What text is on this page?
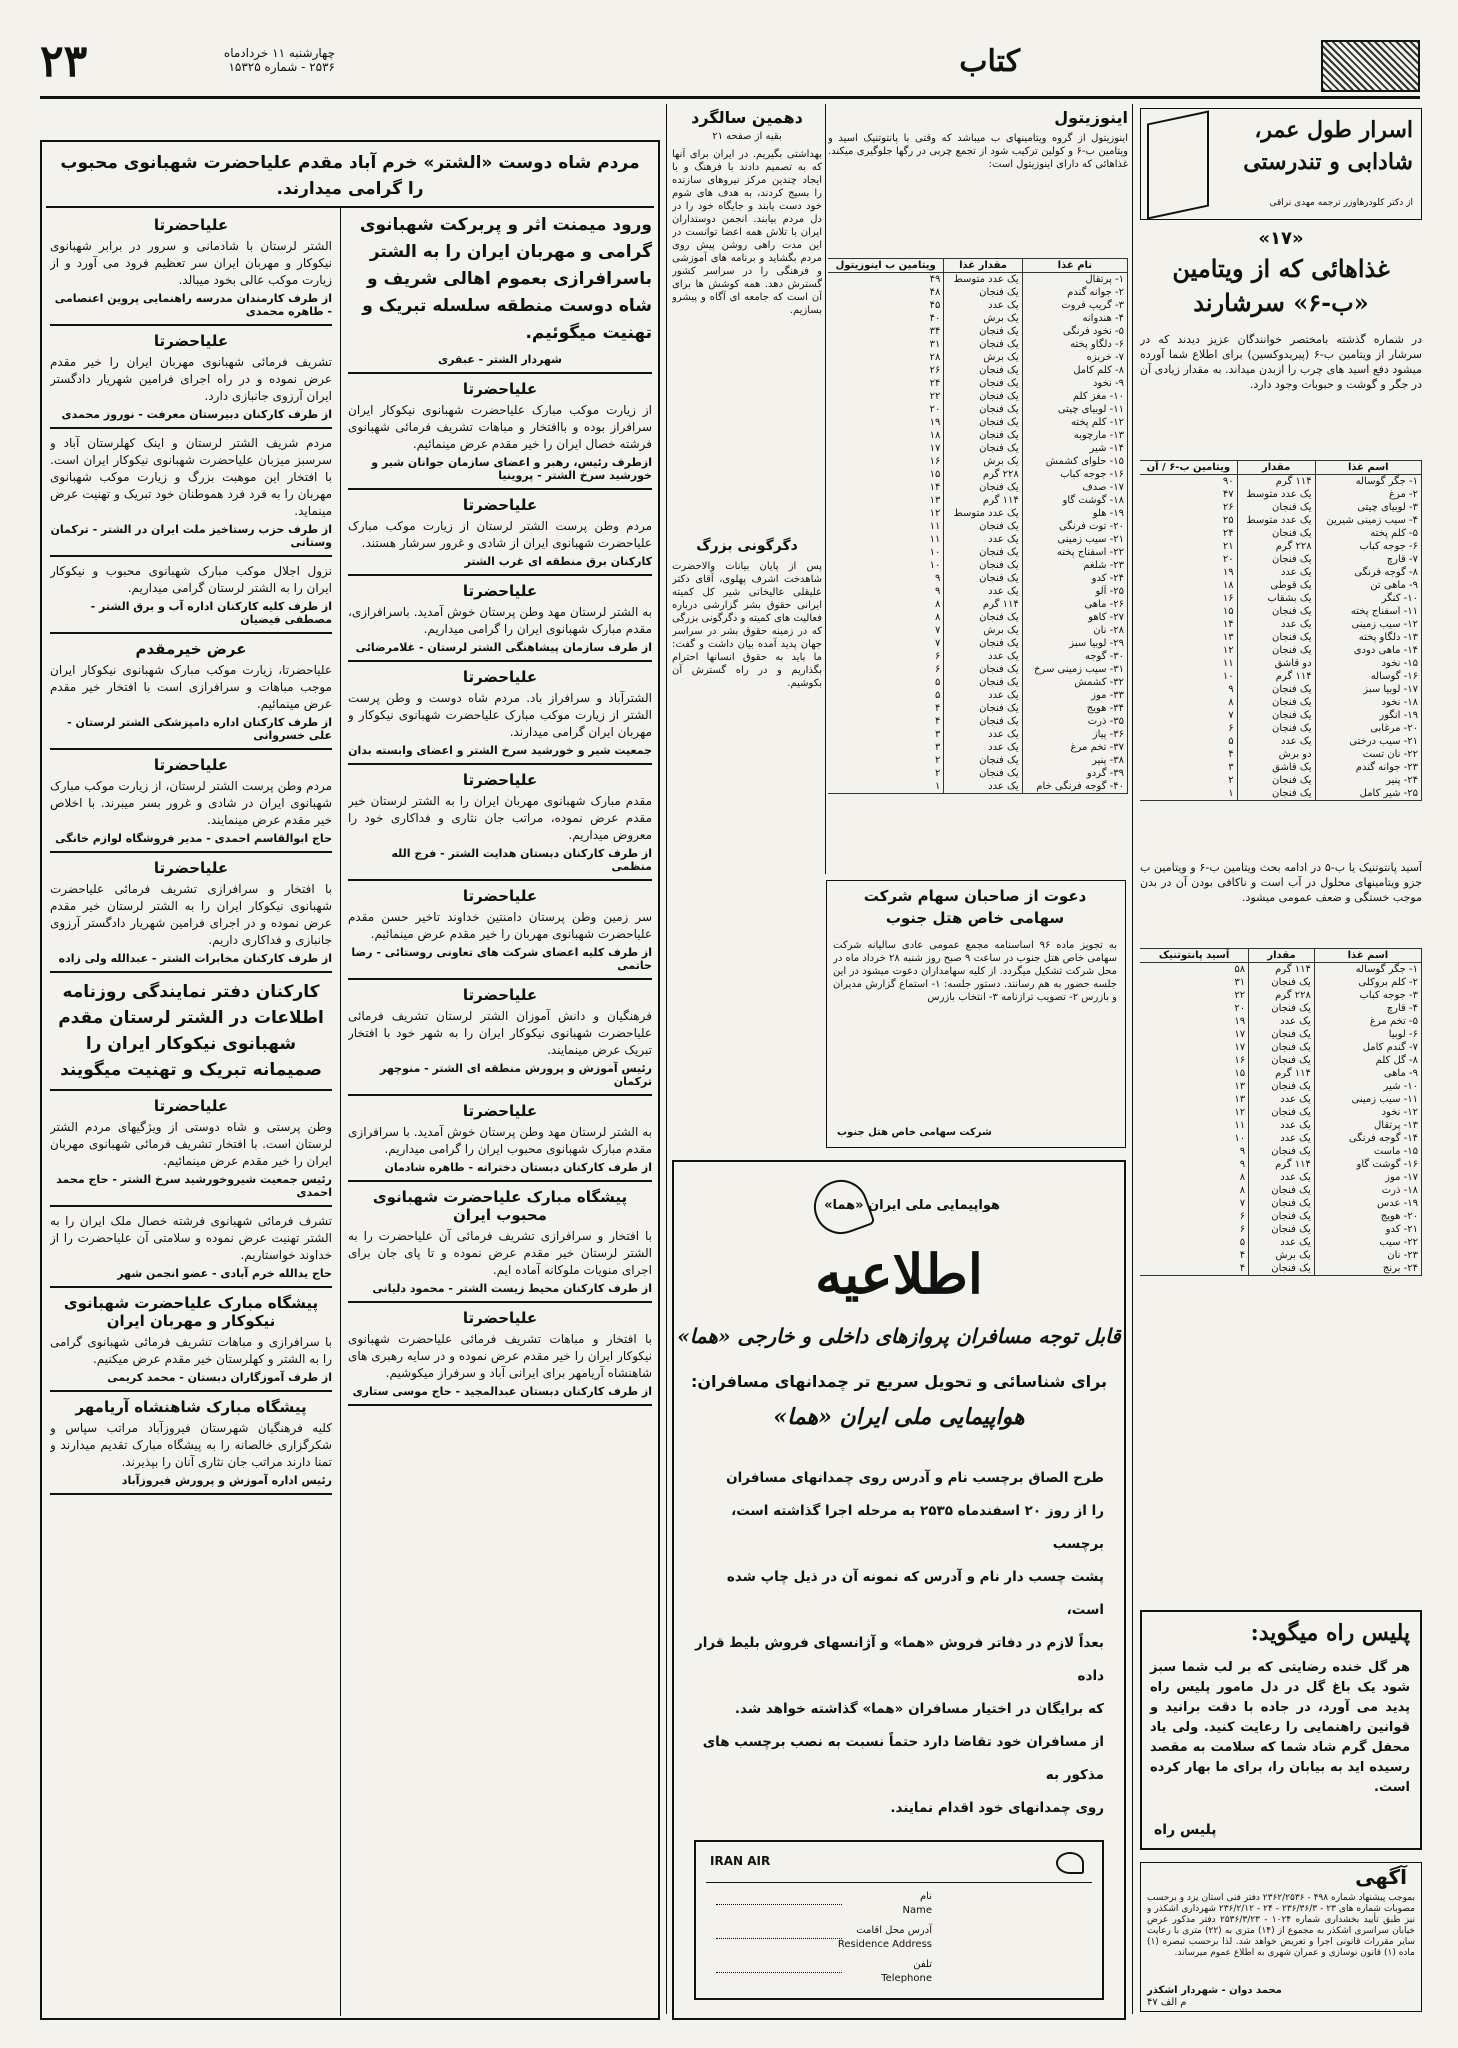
کتاب
چهارشنبه ۱۱ خردادماه
۲۵۳۶ - شماره ۱۵۳۲۵
۲۳
اسرار طول عمر،
شادابی و تندرستی
از دکتر کلودرهاوزر ترجمه مهدی نراقی
«۱۷»
غذاهائی که از ویتامین
«ب-۶» سرشارند
در شماره گذشته بامختصر خوانندگان عزیز دیدند که در سرشار از ویتامین ب-۶ (پیریدوکسین) برای اطلاع شما آورده میشود دفع اسید های چرب را ازبدن میداند. به مقدار زیادی آن در جگر و گوشت و حبوبات وجود دارد.
اسم غذا	مقدار	ویتامین ب-۶ / آن
۱- جگر گوساله	۱۱۴ گرم	۹۰
۲- مرغ	یک عدد متوسط	۴۷
۳- لوبیای چیتی	یک فنجان	۲۶
۴- سیب زمینی شیرین	یک عدد متوسط	۲۵
۵- کلم پخته	یک فنجان	۲۴
۶- جوجه کباب	۲۲۸ گرم	۲۱
۷- قارچ	یک فنجان	۲۰
۸- گوجه فرنگی	یک عدد	۱۹
۹- ماهی تن	یک قوطی	۱۸
۱۰- کنگر	یک بشقاب	۱۶
۱۱- اسفناج پخته	یک فنجان	۱۵
۱۲- سیب زمینی	یک عدد	۱۴
۱۳- دلگاو پخته	یک فنجان	۱۳
۱۴- ماهی دودی	یک فنجان	۱۲
۱۵- نخود	دو قاشق	۱۱
۱۶- گوساله	۱۱۴ گرم	۱۰
۱۷- لوبیا سبز	یک فنجان	۹
۱۸- نخود	یک فنجان	۸
۱۹- انگور	یک فنجان	۷
۲۰- مرغابی	یک فنجان	۶
۲۱- سیب درختی	یک عدد	۵
۲۲- نان تست	دو برش	۴
۲۳- جوانه گندم	یک قاشق	۳
۲۴- پنیر	یک فنجان	۲
۲۵- شیر کامل	یک فنجان	۱
آسید پانتوتنیک یا ب-۵ در ادامه بحث ویتامین ب-۶ و ویتامین ب جزو ویتامینهای محلول در آب است و ناکافی بودن آن در بدن موجب خستگی و ضعف عمومی میشود.
اسم غذا	مقدار	آسید پانتوتنیک
۱- جگر گوساله	۱۱۴ گرم	۵۸
۲- کلم بروکلی	یک فنجان	۳۱
۳- جوجه کباب	۲۲۸ گرم	۲۲
۴- قارچ	یک فنجان	۲۰
۵- تخم مرغ	یک عدد	۱۹
۶- لوبیا	یک فنجان	۱۷
۷- گندم کامل	یک فنجان	۱۷
۸- گل کلم	یک فنجان	۱۶
۹- ماهی	۱۱۴ گرم	۱۵
۱۰- شیر	یک فنجان	۱۳
۱۱- سیب زمینی	یک عدد	۱۳
۱۲- نخود	یک فنجان	۱۲
۱۳- پرتقال	یک عدد	۱۱
۱۴- گوجه فرنگی	یک عدد	۱۰
۱۵- ماست	یک فنجان	۹
۱۶- گوشت گاو	۱۱۴ گرم	۹
۱۷- موز	یک عدد	۸
۱۸- ذرت	یک فنجان	۸
۱۹- عدس	یک فنجان	۷
۲۰- هویج	یک فنجان	۶
۲۱- کدو	یک فنجان	۶
۲۲- سیب	یک عدد	۵
۲۳- نان	یک برش	۴
۲۴- برنج	یک فنجان	۴
پلیس راه میگوید:
هر گل خنده رضایتی که بر لب شما سبز شود یک باغ گل در دل مامور پلیس راه پدید می آورد، در جاده با دقت برانید و قوانین راهنمایی را رعایت کنید. ولی یاد محفل گرم شاد شما که سلامت به مقصد رسیده اید به بیابان را، برای ما بهار کرده است.
پلیس راه
آگهی
بموجب پیشنهاد شماره ۴۹۸ - ۲۳۶۲/۲۵۳۶ دفتر فنی استان یزد و برحسب مصوبات شماره های ۲۳ - ۲۳۶/۳۶/۳ - ۲۴ - ۲۳۶/۲/۱۲ شهرداری اشکذر و نیز طبق تأیید بخشداری شماره ۱۰۲۴ - ۲۵۳۶/۳/۲۳ دفتر مذکور عرض خیابان سراسری اشکذر به مجموع از (۱۴) متری به (۲۲) متری با رعایت سایر مقررات قانونی اجرا و تعریض خواهد شد. لذا برحسب تبصره (۱) ماده (۱) قانون نوسازی و عمران شهری به اطلاع عموم میرساند.
محمد دوان - شهردار اشکذر
م الف ۴۷
اینوزیتول
اینوزیتول از گروه ویتامینهای ب میباشد که وقتی با پانتوتنیک اسید و ویتامین ب-۶ و کولین ترکیب شود از تجمع چربی در رگها جلوگیری میکند. غذاهائی که دارای اینوزیتول است:
نام غذا	مقدار غذا	ویتامین ب اینوزیتول
۱- پرتقال	یک عدد متوسط	۴۹
۲- جوانه گندم	یک فنجان	۴۸
۳- گریپ فروت	یک عدد	۴۵
۴- هندوانه	یک برش	۴۰
۵- نخود فرنگی	یک فنجان	۳۴
۶- دلگاو پخته	یک فنجان	۳۱
۷- خربزه	یک برش	۲۸
۸- کلم کامل	یک فنجان	۲۶
۹- نخود	یک فنجان	۲۴
۱۰- مغز کلم	یک فنجان	۲۲
۱۱- لوبیای چیتی	یک فنجان	۲۰
۱۲- کلم پخته	یک فنجان	۱۹
۱۳- مارچوبه	یک فنجان	۱۸
۱۴- شیر	یک فنجان	۱۷
۱۵- حلوای کشمش	یک برش	۱۶
۱۶- جوجه کباب	۲۲۸ گرم	۱۵
۱۷- صدف	یک فنجان	۱۴
۱۸- گوشت گاو	۱۱۴ گرم	۱۳
۱۹- هلو	یک عدد متوسط	۱۲
۲۰- توت فرنگی	یک فنجان	۱۱
۲۱- سیب زمینی	یک عدد	۱۱
۲۲- اسفناج پخته	یک فنجان	۱۰
۲۳- شلغم	یک فنجان	۱۰
۲۴- کدو	یک فنجان	۹
۲۵- آلو	یک عدد	۹
۲۶- ماهی	۱۱۴ گرم	۸
۲۷- کاهو	یک فنجان	۸
۲۸- نان	یک برش	۷
۲۹- لوبیا سبز	یک فنجان	۷
۳۰- گوجه	یک عدد	۶
۳۱- سیب زمینی سرخ	یک فنجان	۶
۳۲- کشمش	یک فنجان	۵
۳۳- موز	یک عدد	۵
۳۴- هویج	یک فنجان	۴
۳۵- ذرت	یک فنجان	۴
۳۶- پیاز	یک عدد	۳
۳۷- تخم مرغ	یک عدد	۳
۳۸- پنیر	یک فنجان	۲
۳۹- گردو	یک فنجان	۲
۴۰- گوجه فرنگی خام	یک عدد	۱
دهمین سالگرد
بقیه از صفحه ۲۱
بهداشتی بگیریم. در ایران برای آنها که به تصمیم دادند با فرهنگ و با ایجاد چندین مرکز نیروهای سازنده را بسیج کردند، به هدف های شوم خود دست یابند و جایگاه خود را در دل مردم بیابند. انجمن دوستداران ایران با تلاش همه اعضا توانست در این مدت راهی روشن پیش روی مردم بگشاید و برنامه های آموزشی و فرهنگی را در سراسر کشور گسترش دهد. همه کوشش ها برای آن است که جامعه ای آگاه و پیشرو بسازیم.
دگرگونی بزرگ
پس از پایان بیانات والاحضرت شاهدخت اشرف پهلوی، آقای دکتر علیقلی عالیخانی شیر کل کمیته ایرانی حقوق بشر گزارشی درباره فعالیت های کمیته و دگرگونی بزرگی که در زمینه حقوق بشر در سراسر جهان پدید آمده بیان داشت و گفت: ما باید به حقوق انسانها احترام بگذاریم و در راه گسترش آن بکوشیم.
دعوت از صاحبان سهام شرکت
سهامی خاص هتل جنوب
به تجویز ماده ۹۶ اساسنامه مجمع عمومی عادی سالیانه شرکت سهامی خاص هتل جنوب در ساعت ۹ صبح روز شنبه ۲۸ خرداد ماه در محل شرکت تشکیل میگردد. از کلیه سهامداران دعوت میشود در این جلسه حضور به هم رسانند. دستور جلسه: ۱- استماع گزارش مدیران و بازرس ۲- تصویب ترازنامه ۳- انتخاب بازرس
شرکت سهامی خاص هتل جنوب
هواپیمایی ملی ایران «هما»
اطلاعیه
قابل توجه مسافران پروازهای داخلی و خارجی «هما»
برای شناسائی و تحویل سریع تر چمدانهای مسافران:
هواپیمایی ملی ایران «هما»
طرح الصاق برچسب نام و آدرس روی چمدانهای مسافران
را از روز ۲۰ اسفندماه ۲۵۳۵ به مرحله اجرا گذاشته است، برچسب
پشت چسب دار نام و آدرس که نمونه آن در ذیل چاپ شده است،
بعداً لازم در دفاتر فروش «هما» و آژانسهای فروش بلیط قرار داده
که برایگان در اختیار مسافران «هما» گذاشته خواهد شد.
از مسافران خود تقاضا دارد حتماً نسبت به نصب برچسب های مذکور به
روی چمدانهای خود اقدام نمایند.
IRAN AIR
نام
Name
آدرس محل اقامت
Residence Address
تلفن
Telephone
مردم شاه دوست «الشتر» خرم آباد مقدم علیاحضرت شهبانوی محبوب را گرامی میدارند.
علیاحضرتا
الشتر لرستان با شادمانی و سرور در برابر شهبانوی نیکوکار و مهربان ایران سر تعظیم فرود می آورد و از زیارت موکب عالی بخود میبالد.
از طرف کارمندان مدرسه راهنمایی پروین اعتصامی - طاهره محمدی
علیاحضرتا
تشریف فرمائی شهبانوی مهربان ایران را خیر مقدم عرض نموده و در راه اجرای فرامین شهریار دادگستر ایران آرزوی جانبازی دارد.
از طرف کارکنان دبیرستان معرفت - نوروز محمدی
مردم شریف الشتر لرستان و اینک کهلرستان آباد و سرسبز میزبان علیاحضرت شهبانوی نیکوکار ایران است. با افتخار این موهبت بزرگ و زیارت موکب شهبانوی مهربان را به فرد فرد هموطنان خود تبریک و تهنیت عرض مینماید.
از طرف حزب رستاخیز ملت ایران در الشتر - ترکمان وستانی
نزول اجلال موکب مبارک شهبانوی محبوب و نیکوکار ایران را به الشتر لرستان گرامی میداریم.
از طرف کلیه کارکنان اداره آب و برق الشتر - مصطفی فیضیان
عرض خیرمقدم
علیاحضرتا، زیارت موکب مبارک شهبانوی نیکوکار ایران موجب مباهات و سرافرازی است با افتخار خیر مقدم عرض مینمائیم.
از طرف کارکنان اداره دامپزشکی الشتر لرستان - علی خسروانی
علیاحضرتا
مردم وطن پرست الشتر لرستان، از زیارت موکب مبارک شهبانوی ایران در شادی و غرور بسر میبرند. با اخلاص خیر مقدم عرض مینمایند.
حاج ابوالقاسم احمدی - مدیر فروشگاه لوازم خانگی
علیاحضرتا
با افتخار و سرافرازی تشریف فرمائی علیاحضرت شهبانوی نیکوکار ایران را به الشتر لرستان خیر مقدم عرض نموده و در اجرای فرامین شهریار دادگستر آرزوی جانبازی و فداکاری داریم.
از طرف کارکنان مخابرات الشتر - عبدالله ولی زاده
کارکنان دفتر نمایندگی روزنامه اطلاعات در الشتر لرستان مقدم شهبانوی نیکوکار ایران را صمیمانه تبریک و تهنیت میگویند
علیاحضرتا
وطن پرستی و شاه دوستی از ویژگیهای مردم الشتر لرستان است. با افتخار تشریف فرمائی شهبانوی مهربان ایران را خیر مقدم عرض مینمائیم.
رئیس جمعیت شیروخورشید سرخ الشتر - حاج محمد احمدی
تشرف فرمائی شهبانوی فرشته خصال ملک ایران را به الشتر تهنیت عرض نموده و سلامتی آن علیاحضرت را از خداوند خواستاریم.
حاج یدالله خرم آبادی - عضو انجمن شهر
پیشگاه مبارک علیاحضرت شهبانوی نیکوکار و مهربان ایران
با سرافرازی و مباهات تشریف فرمائی شهبانوی گرامی را به الشتر و کهلرستان خیر مقدم عرض میکنیم.
از طرف آموزگاران دبستان - محمد کریمی
پیشگاه مبارک شاهنشاه آریامهر
کلیه فرهنگیان شهرستان فیروزآباد مراتب سپاس و شکرگزاری خالصانه را به پیشگاه مبارک تقدیم میدارند و تمنا دارند مراتب جان نثاری آنان را بپذیرند.
رئیس اداره آموزش و پرورش فیروزآباد
ورود میمنت اثر و پربرکت شهبانوی گرامی و مهربان ایران را به الشتر باسرافرازی بعموم اهالی شریف و شاه دوست منطقه سلسله تبریک و تهنیت میگوئیم.
شهردار الشتر - عبقری
علیاحضرتا
از زیارت موکب مبارک علیاحضرت شهبانوی نیکوکار ایران سرافراز بوده و باافتخار و مباهات تشریف فرمائی شهبانوی فرشته خصال ایران را خیر مقدم عرض مینمائیم.
ازطرف رئیس، رهبر و اعضای سازمان جوانان شیر و خورشید سرخ الشتر - پروینیا
علیاحضرتا
مردم وطن پرست الشتر لرستان از زیارت موکب مبارک علیاحضرت شهبانوی ایران از شادی و غرور سرشار هستند.
کارکنان برق منطقه ای غرب الشتر
علیاحضرتا
به الشتر لرستان مهد وطن پرستان خوش آمدید. باسرافرازی، مقدم مبارک شهبانوی ایران را گرامی میداریم.
از طرف سازمان پیشاهنگی الشتر لرستان - غلامرضائی
علیاحضرتا
الشترآباد و سرافراز باد. مردم شاه دوست و وطن پرست الشتر از زیارت موکب مبارک علیاحضرت شهبانوی نیکوکار و مهربان ایران گرامی میدارند.
جمعیت شیر و خورشید سرخ الشتر و اعضای وابسته بدان
علیاحضرتا
مقدم مبارک شهبانوی مهربان ایران را به الشتر لرستان خیر مقدم عرض نموده، مراتب جان نثاری و فداکاری خود را معروض میداریم.
از طرف کارکنان دبستان هدایت الشتر - فرج الله منظمی
علیاحضرتا
سر زمین وطن پرستان دامنتین خداوند تاخیر حسن مقدم علیاحضرت شهبانوی مهربان را خیر مقدم عرض مینمائیم.
از طرف کلیه اعضای شرکت های تعاونی روستائی - رضا حاتمی
علیاحضرتا
فرهنگیان و دانش آموزان الشتر لرستان تشریف فرمائی علیاحضرت شهبانوی نیکوکار ایران را به شهر خود با افتخار تبریک عرض مینمایند.
رئیس آموزش و پرورش منطقه ای الشتر - منوچهر ترکمان
علیاحضرتا
به الشتر لرستان مهد وطن پرستان خوش آمدید. با سرافرازی مقدم مبارک شهبانوی محبوب ایران را گرامی میداریم.
از طرف کارکنان دبستان دخترانه - طاهره شادمان
پیشگاه مبارک علیاحضرت شهبانوی محبوب ایران
با افتخار و سرافرازی تشریف فرمائی آن علیاحضرت را به الشتر لرستان خیر مقدم عرض نموده و تا پای جان برای اجرای منویات ملوکانه آماده ایم.
از طرف کارکنان محیط زیست الشتر - محمود دلیانی
علیاحضرتا
با افتخار و مباهات تشریف فرمائی علیاحضرت شهبانوی نیکوکار ایران را خیر مقدم عرض نموده و در سایه رهبری های شاهنشاه آریامهر برای ایرانی آباد و سرفراز میکوشیم.
از طرف کارکنان دبستان عبدالمجید - حاج موسی ستاری
